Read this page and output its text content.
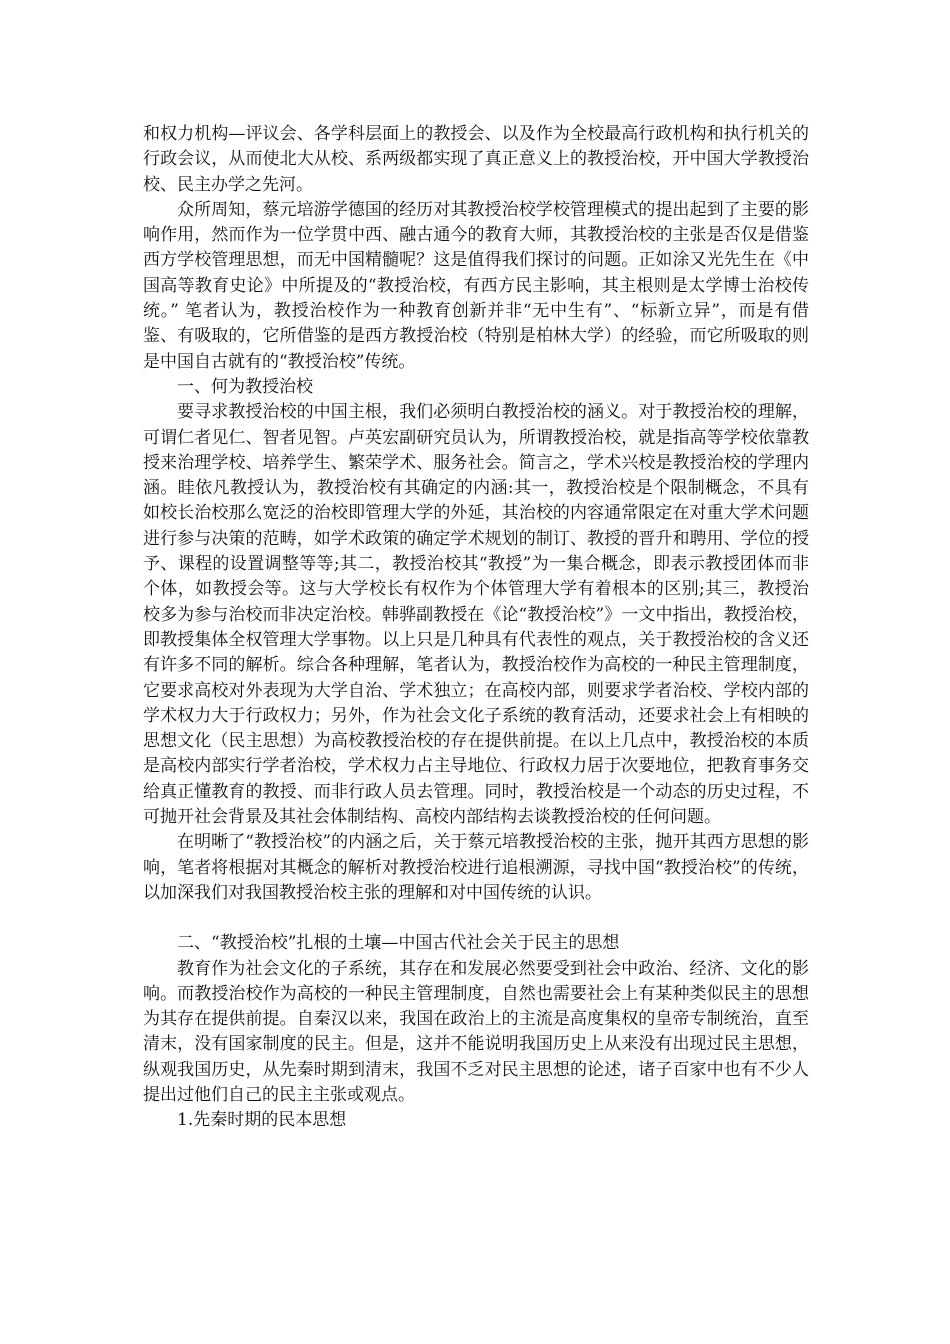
和权力机构—评议会、各学科层面上的教授会、以及作为全校最高行政机构和执行机关的行政会议，从而使北大从校、系两级都实现了真正意义上的教授治校，开中国大学教授治校、民主办学之先河。

众所周知，蔡元培游学德国的经历对其教授治校学校管理模式的提出起到了主要的影响作用，然而作为一位学贯中西、融古通今的教育大师，其教授治校的主张是否仅是借鉴西方学校管理思想，而无中国精髓呢？这是值得我们探讨的问题。正如涂又光先生在《中国高等教育史论》中所提及的“教授治校，有西方民主影响，其主根则是太学博士治校传统。” 笔者认为，教授治校作为一种教育创新并非“无中生有”、“标新立异”，而是有借鉴、有吸取的，它所借鉴的是西方教授治校（特别是柏林大学）的经验，而它所吸取的则是中国自古就有的“教授治校”传统。

一、何为教授治校

要寻求教授治校的中国主根，我们必须明白教授治校的涵义。对于教授治校的理解，可谓仁者见仁、智者见智。卢英宏副研究员认为，所谓教授治校，就是指高等学校依靠教授来治理学校、培养学生、繁荣学术、服务社会。简言之，学术兴校是教授治校的学理内涵。眭依凡教授认为，教授治校有其确定的内涵:其一，教授治校是个限制概念，不具有如校长治校那么宽泛的治校即管理大学的外延，其治校的内容通常限定在对重大学术问题进行参与决策的范畴，如学术政策的确定学术规划的制订、教授的晋升和聘用、学位的授予、课程的设置调整等等;其二，教授治校其“教授”为一集合概念，即表示教授团体而非个体，如教授会等。这与大学校长有权作为个体管理大学有着根本的区别;其三，教授治校多为参与治校而非决定治校。韩骅副教授在《论“教授治校”》一文中指出，教授治校，即教授集体全权管理大学事物。以上只是几种具有代表性的观点，关于教授治校的含义还有许多不同的解析。综合各种理解，笔者认为，教授治校作为高校的一种民主管理制度，它要求高校对外表现为大学自治、学术独立；在高校内部，则要求学者治校、学校内部的学术权力大于行政权力；另外，作为社会文化子系统的教育活动，还要求社会上有相映的思想文化（民主思想）为高校教授治校的存在提供前提。在以上几点中，教授治校的本质是高校内部实行学者治校，学术权力占主导地位、行政权力居于次要地位，把教育事务交给真正懂教育的教授、而非行政人员去管理。同时，教授治校是一个动态的历史过程，不可抛开社会背景及其社会体制结构、高校内部结构去谈教授治校的任何问题。

在明晰了“教授治校”的内涵之后，关于蔡元培教授治校的主张，抛开其西方思想的影响，笔者将根据对其概念的解析对教授治校进行追根溯源，寻找中国“教授治校”的传统，以加深我们对我国教授治校主张的理解和对中国传统的认识。

二、“教授治校”扎根的土壤—中国古代社会关于民主的思想

教育作为社会文化的子系统，其存在和发展必然要受到社会中政治、经济、文化的影响。而教授治校作为高校的一种民主管理制度，自然也需要社会上有某种类似民主的思想为其存在提供前提。自秦汉以来，我国在政治上的主流是高度集权的皇帝专制统治，直至清末，没有国家制度的民主。但是，这并不能说明我国历史上从来没有出现过民主思想，纵观我国历史，从先秦时期到清末，我国不乏对民主思想的论述，诸子百家中也有不少人提出过他们自己的民主主张或观点。

1.先秦时期的民本思想
